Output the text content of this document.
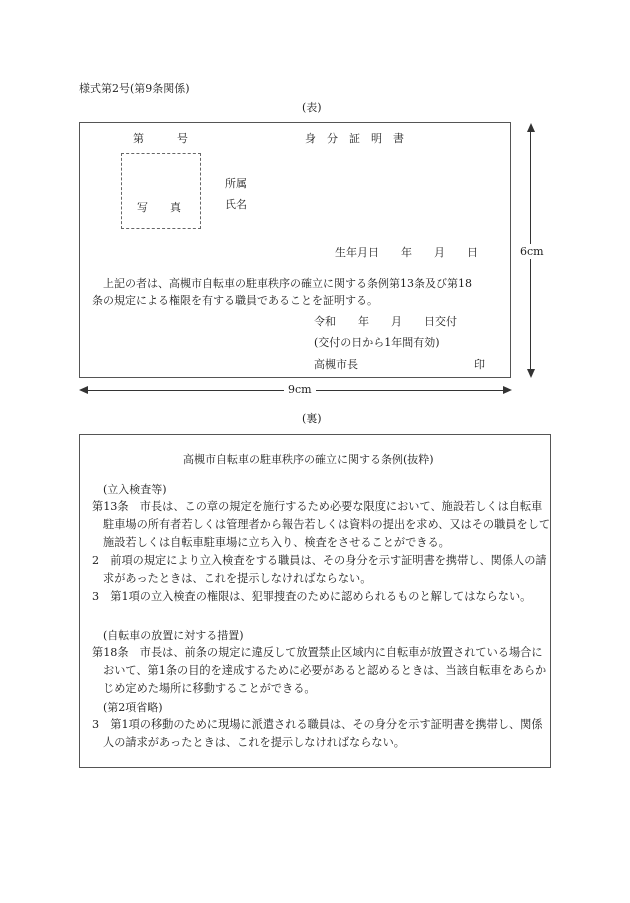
様式第2号(第9条関係)
(表)
第　　　号	身　分　証　明　書
写　　真
所属
氏名
生年月日　　年　　月　　日
上記の者は、高槻市自転車の駐車秩序の確立に関する条例第13条及び第18
条の規定による権限を有する職員であることを証明する。
令和　　年　　月　　日交付
(交付の日から1年間有効)
高槻市長	印
6cm
9cm
(裏)
高槻市自転車の駐車秩序の確立に関する条例(抜粋)
(立入検査等)
第13条　市長は、この章の規定を施行するため必要な限度において、施設若しくは自転車駐車場の所有者若しくは管理者から報告若しくは資料の提出を求め、又はその職員をして施設若しくは自転車駐車場に立ち入り、検査をさせることができる。
2　前項の規定により立入検査をする職員は、その身分を示す証明書を携帯し、関係人の請求があったときは、これを提示しなければならない。
3　第1項の立入検査の権限は、犯罪捜査のために認められるものと解してはならない。
(自転車の放置に対する措置)
第18条　市長は、前条の規定に違反して放置禁止区域内に自転車が放置されている場合において、第1条の目的を達成するために必要があると認めるときは、当該自転車をあらかじめ定めた場所に移動することができる。
(第2項省略)
3　第1項の移動のために現場に派遣される職員は、その身分を示す証明書を携帯し、関係人の請求があったときは、これを提示しなければならない。
